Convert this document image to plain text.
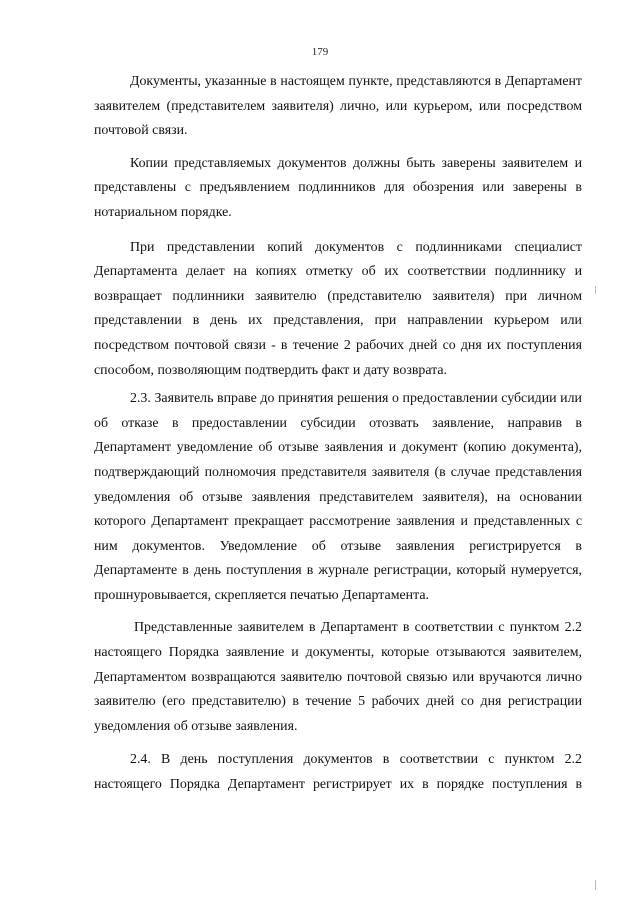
179

Документы, указанные в настоящем пункте, представляются в Департамент заявителем (представителем заявителя) лично, или курьером, или посредством почтовой связи.

Копии представляемых документов должны быть заверены заявителем и представлены с предъявлением подлинников для обозрения или заверены в нотариальном порядке.

При представлении копий документов с подлинниками специалист Департамента делает на копиях отметку об их соответствии подлиннику и возвращает подлинники заявителю (представителю заявителя) при личном представлении в день их представления, при направлении курьером или посредством почтовой связи - в течение 2 рабочих дней со дня их поступления способом, позволяющим подтвердить факт и дату возврата.

2.3. Заявитель вправе до принятия решения о предоставлении субсидии или об отказе в предоставлении субсидии отозвать заявление, направив в Департамент уведомление об отзыве заявления и документ (копию документа), подтверждающий полномочия представителя заявителя (в случае представления уведомления об отзыве заявления представителем заявителя), на основании которого Департамент прекращает рассмотрение заявления и представленных с ним документов. Уведомление об отзыве заявления регистрируется в Департаменте в день поступления в журнале регистрации, который нумеруется, прошнуровывается, скрепляется печатью Департамента.

Представленные заявителем в Департамент в соответствии с пунктом 2.2 настоящего Порядка заявление и документы, которые отзываются заявителем, Департаментом возвращаются заявителю почтовой связью или вручаются лично заявителю (его представителю) в течение 5 рабочих дней со дня регистрации уведомления об отзыве заявления.

2.4. В день поступления документов в соответствии с пунктом 2.2 настоящего Порядка Департамент регистрирует их в порядке поступления в
